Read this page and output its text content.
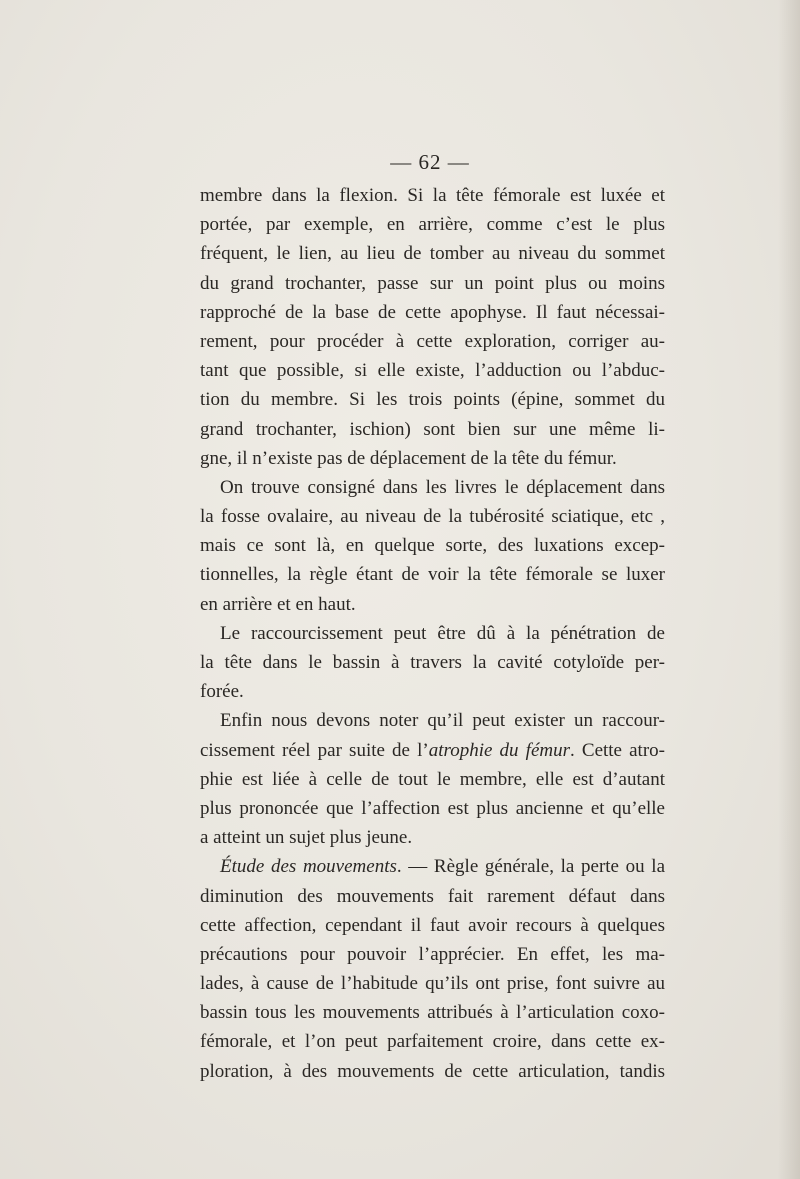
— 62 —
membre dans la flexion. Si la tête fémorale est luxée et
portée, par exemple, en arrière, comme c’est le plus
fréquent, le lien, au lieu de tomber au niveau du sommet
du grand trochanter, passe sur un point plus ou moins
rapproché de la base de cette apophyse. Il faut nécessai-
rement, pour procéder à cette exploration, corriger au-
tant que possible, si elle existe, l’adduction ou l’abduc-
tion du membre. Si les trois points (épine, sommet du
grand trochanter, ischion) sont bien sur une même li-
gne, il n’existe pas de déplacement de la tête du fémur.
On trouve consigné dans les livres le déplacement dans
la fosse ovalaire, au niveau de la tubérosité sciatique, etc ,
mais ce sont là, en quelque sorte, des luxations excep-
tionnelles, la règle étant de voir la tête fémorale se luxer
en arrière et en haut.
Le raccourcissement peut être dû à la pénétration de
la tête dans le bassin à travers la cavité cotyloïde per-
forée.
Enfin nous devons noter qu’il peut exister un raccour-
cissement réel par suite de l’atrophie du fémur. Cette atro-
phie est liée à celle de tout le membre, elle est d’autant
plus prononcée que l’affection est plus ancienne et qu’elle
a atteint un sujet plus jeune.
Étude des mouvements. — Règle générale, la perte ou la
diminution des mouvements fait rarement défaut dans
cette affection, cependant il faut avoir recours à quelques
précautions pour pouvoir l’apprécier. En effet, les ma-
lades, à cause de l’habitude qu’ils ont prise, font suivre au
bassin tous les mouvements attribués à l’articulation coxo-
fémorale, et l’on peut parfaitement croire, dans cette ex-
ploration, à des mouvements de cette articulation, tandis
